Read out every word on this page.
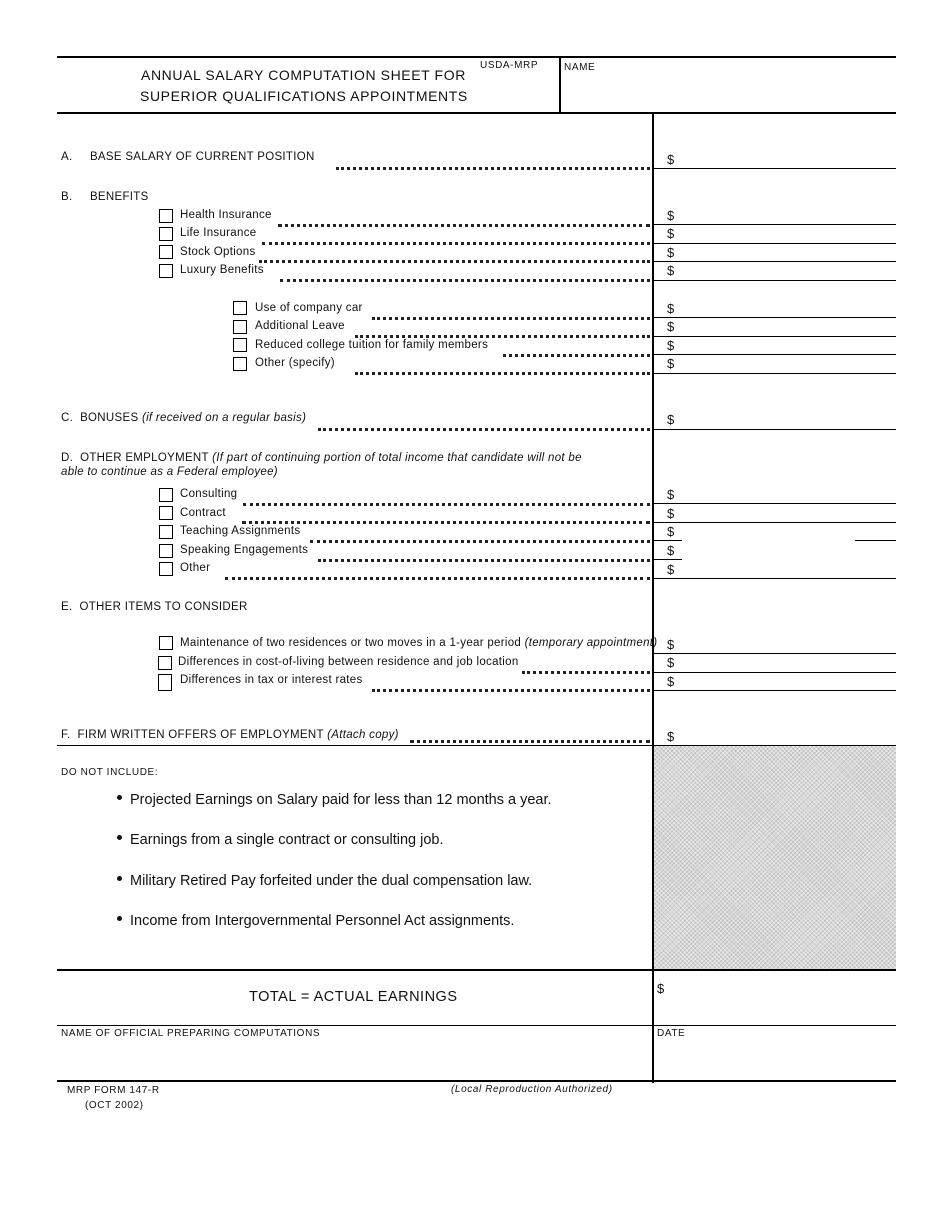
ANNUAL SALARY COMPUTATION SHEET FOR
SUPERIOR QUALIFICATIONS APPOINTMENTS
USDA-MRP	NAME
A.     BASE SALARY OF CURRENT POSITION	$
B.     BENEFITS
Health Insurance	$
Life Insurance	$
Stock Options	$
Luxury Benefits	$
Use of company car	$
Additional Leave	$
Reduced college tuition for family members	$
Other (specify)	$
C.  BONUSES (if received on a regular basis)	$
D.  OTHER EMPLOYMENT (If part of continuing portion of total income that candidate will not be
able to continue as a Federal employee)
Consulting	$
Contract	$
Teaching Assignments	$
Speaking Engagements	$
Other	$
E.  OTHER ITEMS TO CONSIDER
Maintenance of two residences or two moves in a 1-year period (temporary appointment) $
Differences in cost-of-living between residence and job location	$
Differences in tax or interest rates	$
F.  FIRM WRITTEN OFFERS OF EMPLOYMENT (Attach copy)	$
DO NOT INCLUDE:
Projected Earnings on Salary paid for less than 12 months a year.
Earnings from a single contract or consulting job.
Military Retired Pay forfeited under the dual compensation law.
Income from Intergovernmental Personnel Act assignments.
TOTAL = ACTUAL EARNINGS
$
NAME OF OFFICIAL PREPARING COMPUTATIONS	DATE
MRP FORM 147-R
(OCT 2002)
(Local Reproduction Authorized)
